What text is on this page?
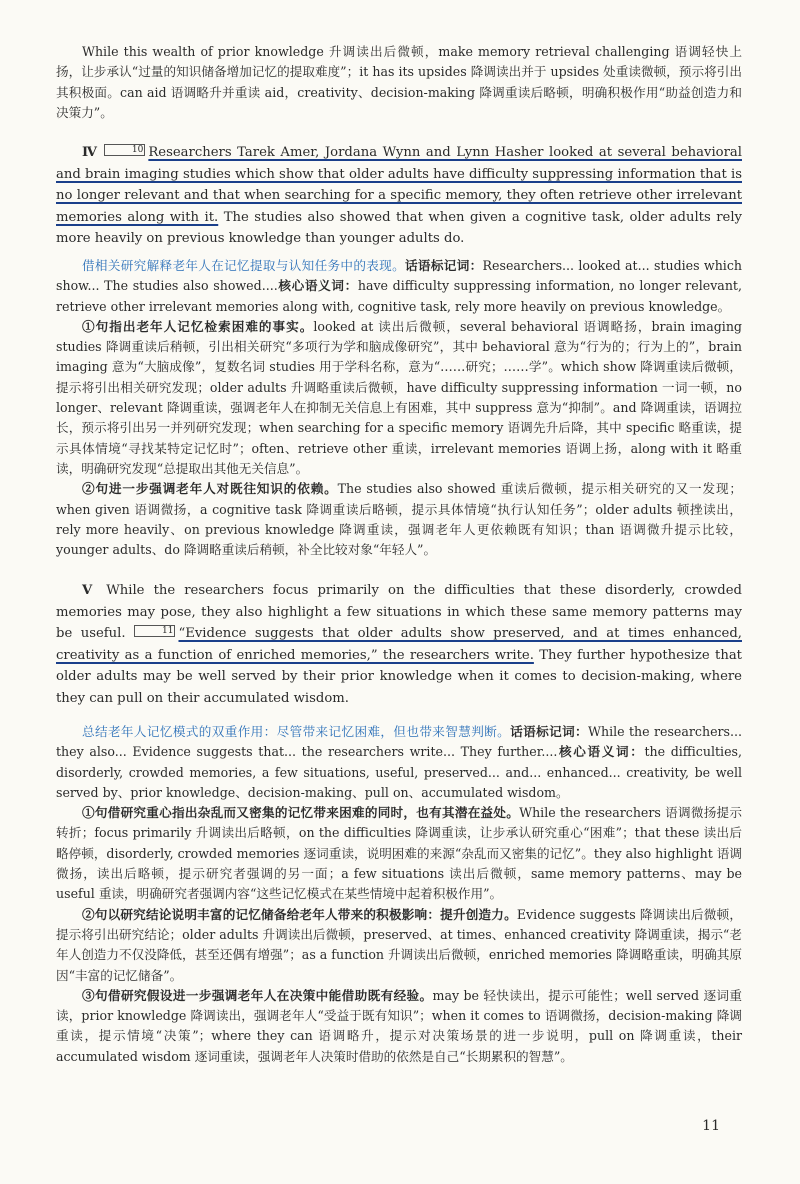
While this wealth of prior knowledge 升调读出后微顿，make memory retrieval challenging 语调轻快上扬，让步承认“过量的知识储备增加记忆的提取难度”；it has its upsides 降调读出并于 upsides 处重读微顿，预示将引出其积极面。can aid 语调略升并重读 aid，creativity、decision-making 降调重读后略顿，明确积极作用“助益创造力和决策力”。

Ⅳ	10 Researchers Tarek Amer, Jordana Wynn and Lynn Hasher looked at several behavioral and brain imaging studies which show that older adults have difficulty suppressing information that is no longer relevant and that when searching for a specific memory, they often retrieve other irrelevant memories along with it. The studies also showed that when given a cognitive task, older adults rely more heavily on previous knowledge than younger adults do.

借相关研究解释老年人在记忆提取与认知任务中的表现。话语标记词：Researchers... looked at... studies which show... The studies also showed....核心语义词：have difficulty suppressing information, no longer relevant, retrieve other irrelevant memories along with, cognitive task, rely more heavily on previous knowledge。

①句指出老年人记忆检索困难的事实。looked at 读出后微顿，several behavioral 语调略扬，brain imaging studies 降调重读后稍顿，引出相关研究“多项行为学和脑成像研究”，其中 behavioral 意为“行为的；行为上的”，brain imaging 意为“大脑成像”，复数名词 studies 用于学科名称，意为“……研究；……学”。which show 降调重读后微顿，提示将引出相关研究发现；older adults 升调略重读后微顿，have difficulty suppressing information 一词一顿，no longer、relevant 降调重读，强调老年人在抑制无关信息上有困难，其中 suppress 意为“抑制”。and 降调重读，语调拉长，预示将引出另一并列研究发现；when searching for a specific memory 语调先升后降，其中 specific 略重读，提示具体情境“寻找某特定记忆时”；often、retrieve other 重读，irrelevant memories 语调上扬，along with it 略重读，明确研究发现“总提取出其他无关信息”。

②句进一步强调老年人对既往知识的依赖。The studies also showed 重读后微顿，提示相关研究的又一发现；when given 语调微扬，a cognitive task 降调重读后略顿，提示具体情境“执行认知任务”；older adults 顿挫读出，rely more heavily、on previous knowledge 降调重读，强调老年人更依赖既有知识；than 语调微升提示比较，younger adults、do 降调略重读后稍顿，补全比较对象“年轻人”。

Ⅴ While the researchers focus primarily on the difficulties that these disorderly, crowded memories may pose, they also highlight a few situations in which these same memory patterns may be useful.	11 “Evidence suggests that older adults show preserved, and at times enhanced, creativity as a function of enriched memories,” the researchers write. They further hypothesize that older adults may be well served by their prior knowledge when it comes to decision-making, where they can pull on their accumulated wisdom.

总结老年人记忆模式的双重作用：尽管带来记忆困难，但也带来智慧判断。话语标记词：While the researchers... they also... Evidence suggests that... the researchers write... They further....核心语义词：the difficulties, disorderly, crowded memories, a few situations, useful, preserved... and... enhanced... creativity, be well served by、prior knowledge、decision-making、pull on、accumulated wisdom。

①句借研究重心指出杂乱而又密集的记忆带来困难的同时，也有其潜在益处。While the researchers 语调微扬提示转折；focus primarily 升调读出后略顿，on the difficulties 降调重读，让步承认研究重心“困难”；that these 读出后略停顿，disorderly, crowded memories 逐词重读，说明困难的来源“杂乱而又密集的记忆”。they also highlight 语调微扬，读出后略顿，提示研究者强调的另一面；a few situations 读出后微顿，same memory patterns、may be useful 重读，明确研究者强调内容“这些记忆模式在某些情境中起着积极作用”。

②句以研究结论说明丰富的记忆储备给老年人带来的积极影响：提升创造力。Evidence suggests 降调读出后微顿，提示将引出研究结论；older adults 升调读出后微顿，preserved、at times、enhanced creativity 降调重读，揭示“老年人创造力不仅没降低，甚至还偶有增强”；as a function 升调读出后微顿，enriched memories 降调略重读，明确其原因“丰富的记忆储备”。

③句借研究假设进一步强调老年人在决策中能借助既有经验。may be 轻快读出，提示可能性；well served 逐词重读，prior knowledge 降调读出，强调老年人“受益于既有知识”；when it comes to 语调微扬，decision-making 降调重读，提示情境“决策”；where they can 语调略升，提示对决策场景的进一步说明，pull on 降调重读，their accumulated wisdom 逐词重读，强调老年人决策时借助的依然是自己“长期累积的智慧”。

11
